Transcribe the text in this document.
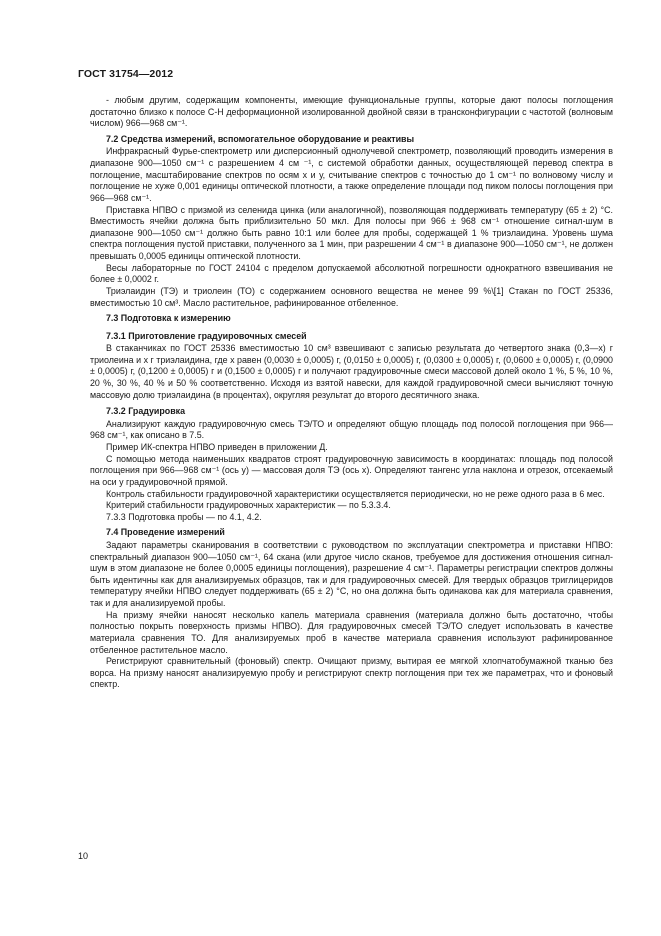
ГОСТ 31754—2012

- любым другим, содержащим компоненты, имеющие функциональные группы, которые дают полосы поглощения достаточно близко к полосе С-Н деформационной изолированной двойной связи в трансконфигурации с частотой (волновым числом) 966—968 см⁻¹.

7.2 Средства измерений, вспомогательное оборудование и реактивы

Инфракрасный Фурье-спектрометр или дисперсионный однолучевой спектрометр, позволяющий проводить измерения в диапазоне 900—1050 см⁻¹ с разрешением 4 см ⁻¹, с системой обработки данных, осуществляющей перевод спектра в поглощение, масштабирование спектров по осям х и у, считывание спектров с точностью до 1 см⁻¹ по волновому числу и поглощение не хуже 0,001 единицы оптической плотности, а также определение площади под пиком полосы поглощения при 966—968 см⁻¹.

Приставка НПВО с призмой из селенида цинка (или аналогичной), позволяющая поддерживать температуру (65 ± 2) °С. Вместимость ячейки должна быть приблизительно 50 мкл. Для полосы при 966 ± 968 см⁻¹ отношение сигнал-шум в диапазоне 900—1050 см⁻¹ должно быть равно 10:1 или более для пробы, содержащей 1 % триэлаидина. Уровень шума спектра поглощения пустой приставки, полученного за 1 мин, при разрешении 4 см⁻¹ в диапазоне 900—1050 см⁻¹, не должен превышать 0,0005 единицы оптической плотности.

Весы лабораторные по ГОСТ 24104 с пределом допускаемой абсолютной погрешности однократного взвешивания не более ± 0,0002 г.

Триэлаидин (ТЭ) и триолеин (ТО) с содержанием основного вещества не менее 99 %\[1] Стакан по ГОСТ 25336, вместимостью 10 см³. Масло растительное, рафинированное отбеленное.

7.3 Подготовка к измерению
7.3.1 Приготовление градуировочных смесей

В стаканчиках по ГОСТ 25336 вместимостью 10 см³ взвешивают с записью результата до четвертого знака (0,3—х) г триолеина и х г триэлаидина, где х равен (0,0030 ± 0,0005) г, (0,0150 ± 0,0005) г, (0,0300 ± 0,0005) г, (0,0600 ± 0,0005) г, (0,0900 ± 0,0005) г, (0,1200 ± 0,0005) г и (0,1500 ± 0,0005) г и получают градуировочные смеси массовой долей около 1 %, 5 %, 10 %, 20 %, 30 %, 40 % и 50 % соответственно. Исходя из взятой навески, для каждой градуировочной смеси вычисляют точную массовую долю триэлаидина (в процентах), округляя результат до второго десятичного знака.

7.3.2 Градуировка

Анализируют каждую градуировочную смесь ТЭ/ТО и определяют общую площадь под полосой поглощения при 966—968 см⁻¹, как описано в 7.5.

Пример ИК-спектра НПВО приведен в приложении Д.

С помощью метода наименьших квадратов строят градуировочную зависимость в координатах: площадь под полосой поглощения при 966—968 см⁻¹ (ось у) — массовая доля ТЭ (ось х). Определяют тангенс угла наклона и отрезок, отсекаемый на оси у градуировочной прямой.

Контроль стабильности градуировочной характеристики осуществляется периодически, но не реже одного раза в 6 мес.

Критерий стабильности градуировочных характеристик — по 5.3.3.4.

7.3.3 Подготовка пробы — по 4.1, 4.2.

7.4 Проведение измерений

Задают параметры сканирования в соответствии с руководством по эксплуатации спектрометра и приставки НПВО: спектральный диапазон 900—1050 см⁻¹, 64 скана (или другое число сканов, требуемое для достижения отношения сигнал-шум в этом диапазоне не более 0,0005 единицы поглощения), разрешение 4 см⁻¹. Параметры регистрации спектров должны быть идентичны как для анализируемых образцов, так и для градуировочных смесей. Для твердых образцов триглицеридов температуру ячейки НПВО следует поддерживать (65 ± 2) °С, но она должна быть одинакова как для материала сравнения, так и для анализируемой пробы.

На призму ячейки наносят несколько капель материала сравнения (материала должно быть достаточно, чтобы полностью покрыть поверхность призмы НПВО). Для градуировочных смесей ТЭ/ТО следует использовать в качестве материала сравнения ТО. Для анализируемых проб в качестве материала сравнения используют рафинированное отбеленное растительное масло.

Регистрируют сравнительный (фоновый) спектр. Очищают призму, вытирая ее мягкой хлопчатобумажной тканью без ворса. На призму наносят анализируемую пробу и регистрируют спектр поглощения при тех же параметрах, что и фоновый спектр.

10
